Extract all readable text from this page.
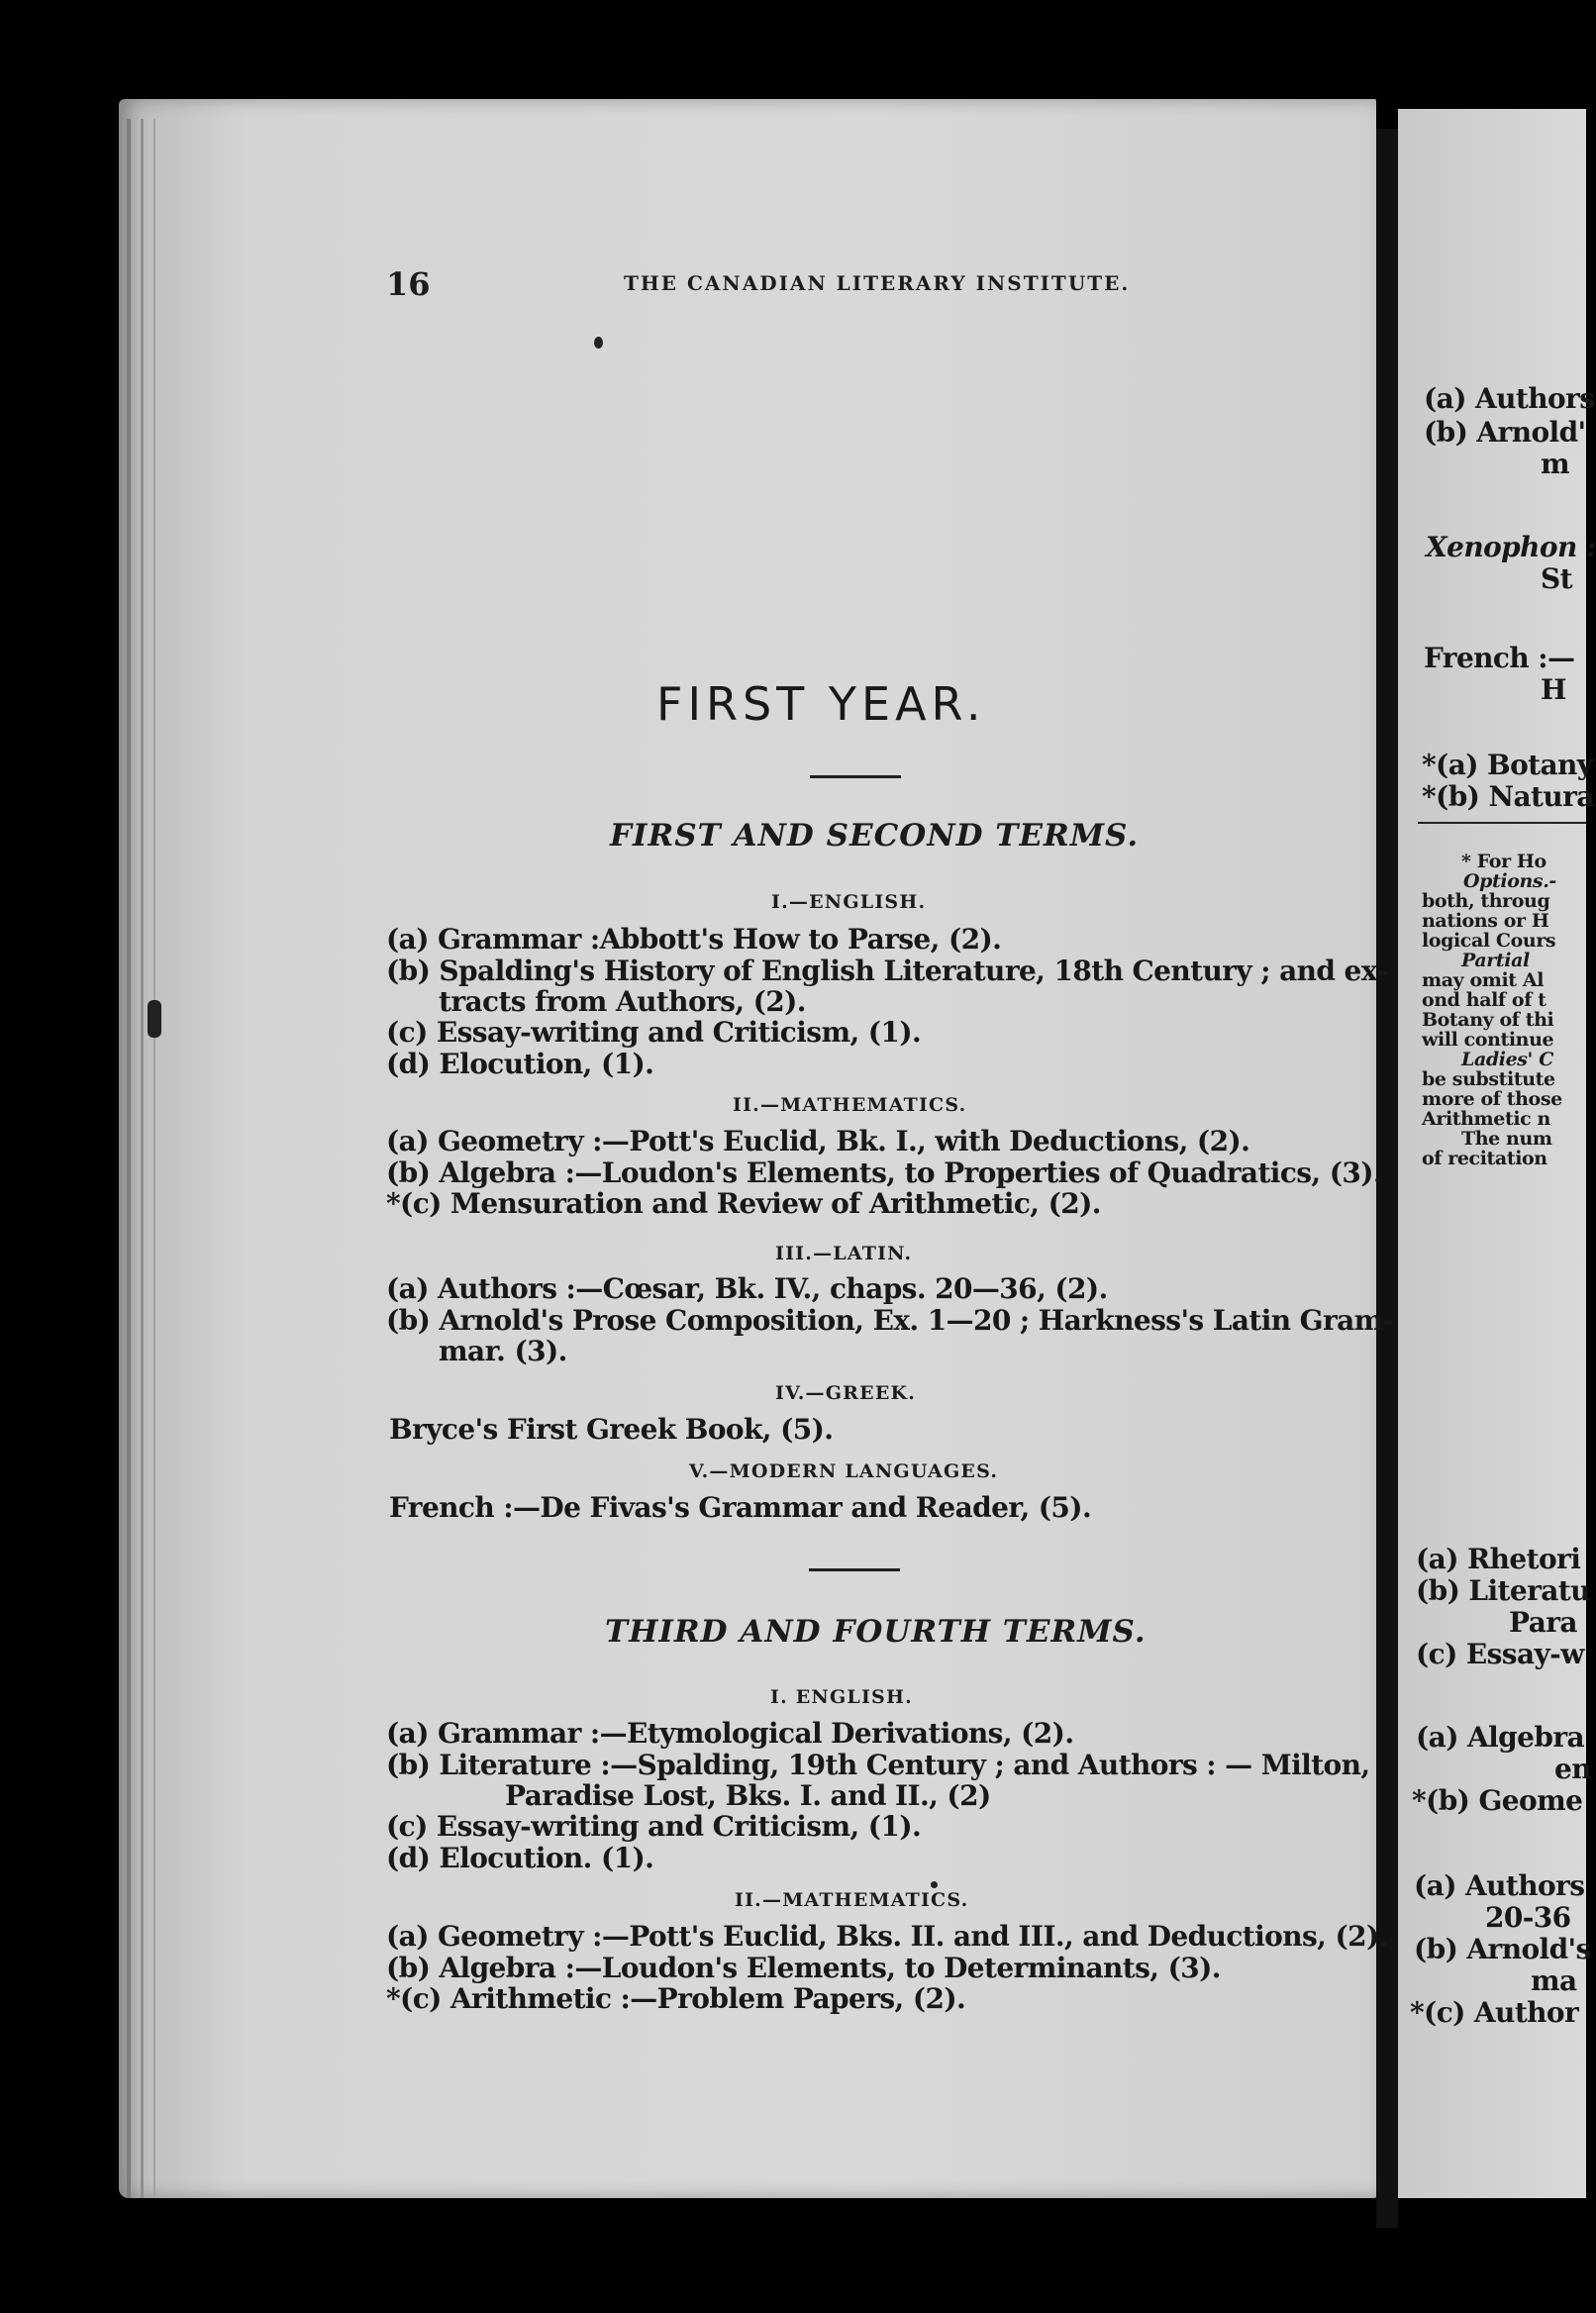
16	THE CANADIAN LITERARY INSTITUTE.
FIRST YEAR.
FIRST AND SECOND TERMS.
I.—ENGLISH.
(a) Grammar :Abbott's How to Parse, (2).
(b) Spalding's History of English Literature, 18th Century ; and ex-
tracts from Authors, (2).
(c) Essay-writing and Criticism, (1).
(d) Elocution, (1).
II.—MATHEMATICS.
(a) Geometry :—Pott's Euclid, Bk. I., with Deductions, (2).
(b) Algebra :—Loudon's Elements, to Properties of Quadratics, (3).
*(c) Mensuration and Review of Arithmetic, (2).
III.—LATIN.
(a) Authors :—Cœsar, Bk. IV., chaps. 20—36, (2).
(b) Arnold's Prose Composition, Ex. 1—20 ; Harkness's Latin Gram-
mar. (3).
IV.—GREEK.
Bryce's First Greek Book, (5).
V.—MODERN LANGUAGES.
French :—De Fivas's Grammar and Reader, (5).
THIRD AND FOURTH TERMS.
I. ENGLISH.
(a) Grammar :—Etymological Derivations, (2).
(b) Literature :—Spalding, 19th Century ; and Authors : — Milton,
Paradise Lost, Bks. I. and II., (2)
(c) Essay-writing and Criticism, (1).
(d) Elocution. (1).
II.—MATHEMATICS.
(a) Geometry :—Pott's Euclid, Bks. II. and III., and Deductions, (2).
(b) Algebra :—Loudon's Elements, to Determinants, (3).
*(c) Arithmetic :—Problem Papers, (2).
(a) Authors
(b) Arnold'
m
Xenophon :
St
French :—
H
*(a) Botany
*(b) Natura
* For Ho
Options.-
both, throug
nations or H
logical Cours
Partial
may omit Al
ond half of t
Botany of thi
will continue
Ladies' C
be substitute
more of those
Arithmetic n
The num
of recitation
(a) Rhetori
(b) Literatu
Para
(c) Essay-w
(a) Algebra
en
*(b) Geome
(a) Authors
20-36
(b) Arnold's
ma
*(c) Author
